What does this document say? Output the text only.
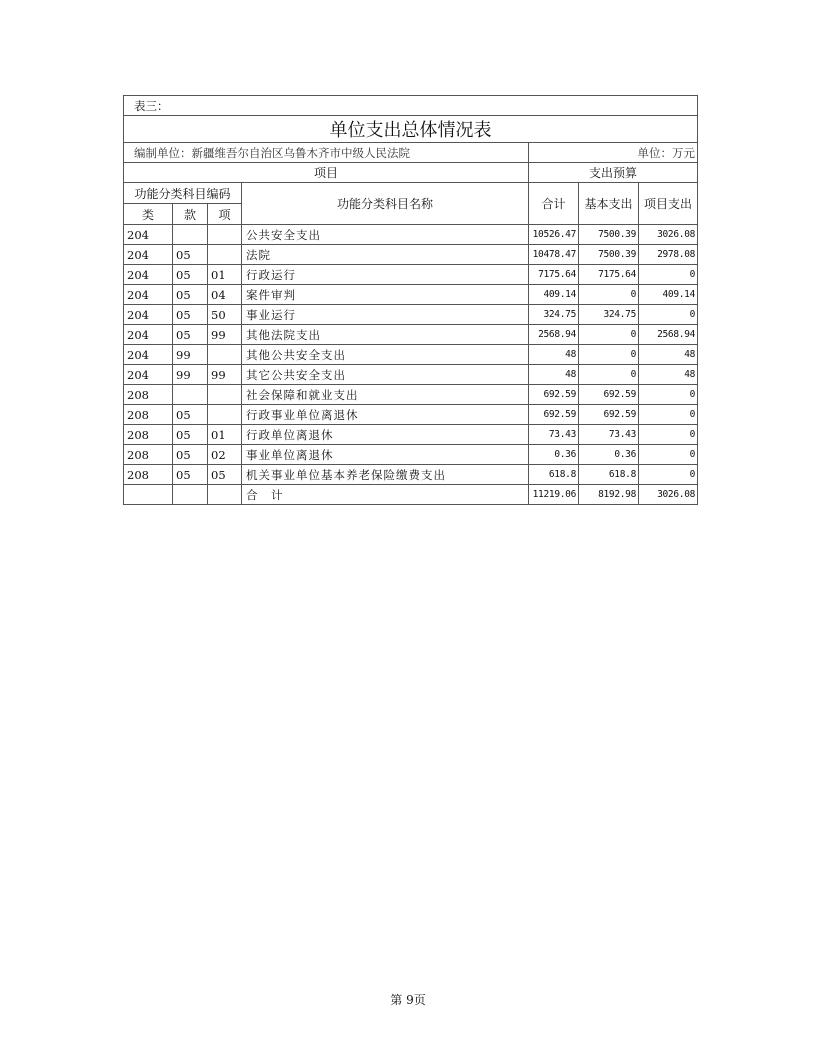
表三：						
单位支出总体情况表						
编制单位：新疆维吾尔自治区乌鲁木齐市中级人民法院				单位：万元		
项目				支出预算		
功能分类科目编码			功能分类科目名称	合计	基本支出	项目支出
类	款	项				
204			公共安全支出	10526.47	7500.39	3026.08
204	05		法院	10478.47	7500.39	2978.08
204	05	01	行政运行	7175.64	7175.64	0
204	05	04	案件审判	409.14	0	409.14
204	05	50	事业运行	324.75	324.75	0
204	05	99	其他法院支出	2568.94	0	2568.94
204	99		其他公共安全支出	48	0	48
204	99	99	其它公共安全支出	48	0	48
208			社会保障和就业支出	692.59	692.59	0
208	05		行政事业单位离退休	692.59	692.59	0
208	05	01	行政单位离退休	73.43	73.43	0
208	05	02	事业单位离退休	0.36	0.36	0
208	05	05	机关事业单位基本养老保险缴费支出	618.8	618.8	0
			合　计	11219.06	8192.98	3026.08
第 9页
